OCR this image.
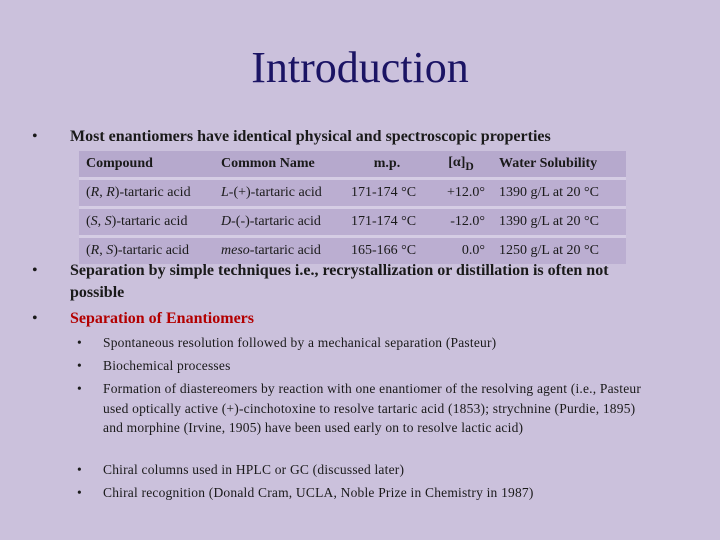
Introduction
• Most enantiomers have identical physical and spectroscopic properties
Compound	Common Name	m.p.	$[\alpha]_D$	Water Solubility
(R, R)-tartaric acid	L-(+)-tartaric acid	171-174 °C	+12.0°	1390 g/L at 20 °C
(S, S)-tartaric acid	D-(-)-tartaric acid	171-174 °C	-12.0°	1390 g/L at 20 °C
(R, S)-tartaric acid	meso-tartaric acid	165-166 °C	0.0°	1250 g/L at 20 °C
• Separation by simple techniques i.e., recrystallization or distillation is often not possible
• Separation of Enantiomers
• Spontaneous resolution followed by a mechanical separation (Pasteur)
• Biochemical processes
• Formation of diastereomers by reaction with one enantiomer of the resolving agent (i.e., Pasteur used optically active (+)-cinchotoxine to resolve tartaric acid (1853); strychnine (Purdie, 1895) and morphine (Irvine, 1905) have been used early on to resolve lactic acid)
• Chiral columns used in HPLC or GC (discussed later)
• Chiral recognition (Donald Cram, UCLA, Noble Prize in Chemistry in 1987)
